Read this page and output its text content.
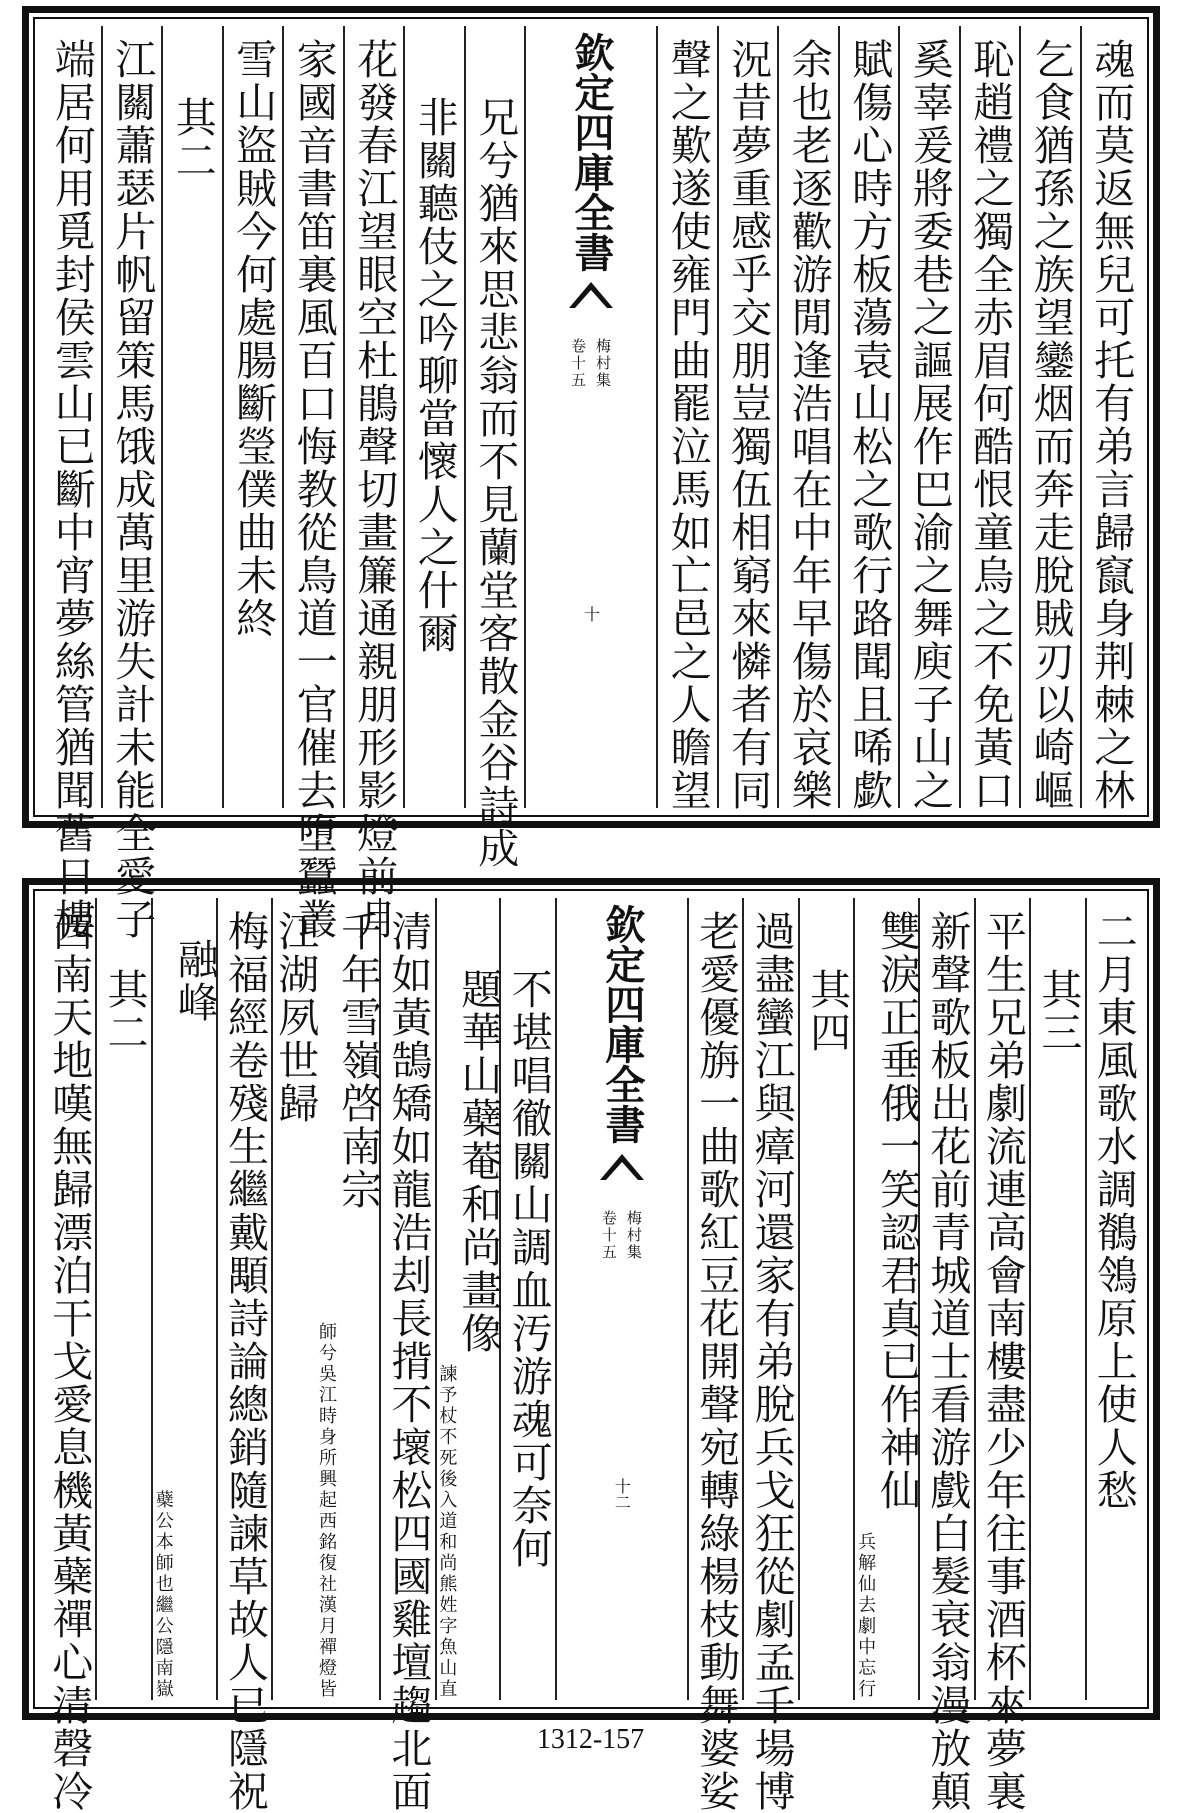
魂而莫返無兒可托有弟言歸竄身荆棘之林
乞食猶孫之族望鑾烟而奔走脫賊刃以崎嶇
恥趙禮之獨全赤眉何酷恨童烏之不免黃口
奚辜爰將委巷之謳展作巴渝之舞庾子山之
賦傷心時方板蕩袁山松之歌行路聞且唏歔
余也老逐歡游閒逢浩唱在中年早傷於哀樂
況昔夢重感乎交朋豈獨伍相窮來憐者有同
聲之歎遂使雍門曲罷泣馬如亡邑之人瞻望
欽定四庫全書
梅村集
卷十五
十
兄兮猶來思悲翁而不見蘭堂客散金谷詩成
非關聽伎之吟聊當懷人之什爾
花發春江望眼空杜鵑聲切畫簾通親朋形影燈前月
家國音書笛裏風百口悔教從鳥道一官催去墮蠶叢
雪山盜賊今何處腸斷瑩僕曲未終
其二
江關蕭瑟片帆留策馬饿成萬里游失計未能全愛子
端居何用覓封侯雲山已斷中宵夢絲管猶聞舊日樓
二月東風歌水調鶺鴒原上使人愁
其三
平生兄弟劇流連高會南樓盡少年往事酒杯來夢裏
新聲歌板出花前青城道士看游戲白髮衰翁漫放顛
雙淚正垂俄一笑認君真已作神仙
劇中忘行
兵解仙去
其四
過盡蠻江與瘴河還家有弟脫兵戈狂從劇孟千場博
老愛優旃一曲歌紅豆花開聲宛轉綠楊枝動舞婆娑
欽定四庫全書
梅村集
卷十五
十二
不堪唱徹關山調血汚游魂可奈何
題華山蘗菴和尚畫像
和尚熊姓字魚山直
諫予杖不死後入道
清如黃鵠矯如龍浩刦長揹不壞松四國雞壇趨北面
千年雪嶺啓南宗
西銘復社漢月禪燈皆
師兮吳江時身所興起
江湖夙世歸
梅福經卷殘生繼戴顒詩論總銷隨諫草故人已隱祝
融峰
繼公隱南嶽
蘗公本師也
其二
西南天地嘆無歸漂泊干戈愛息機黃蘗禪心清磬冷	1312-157
